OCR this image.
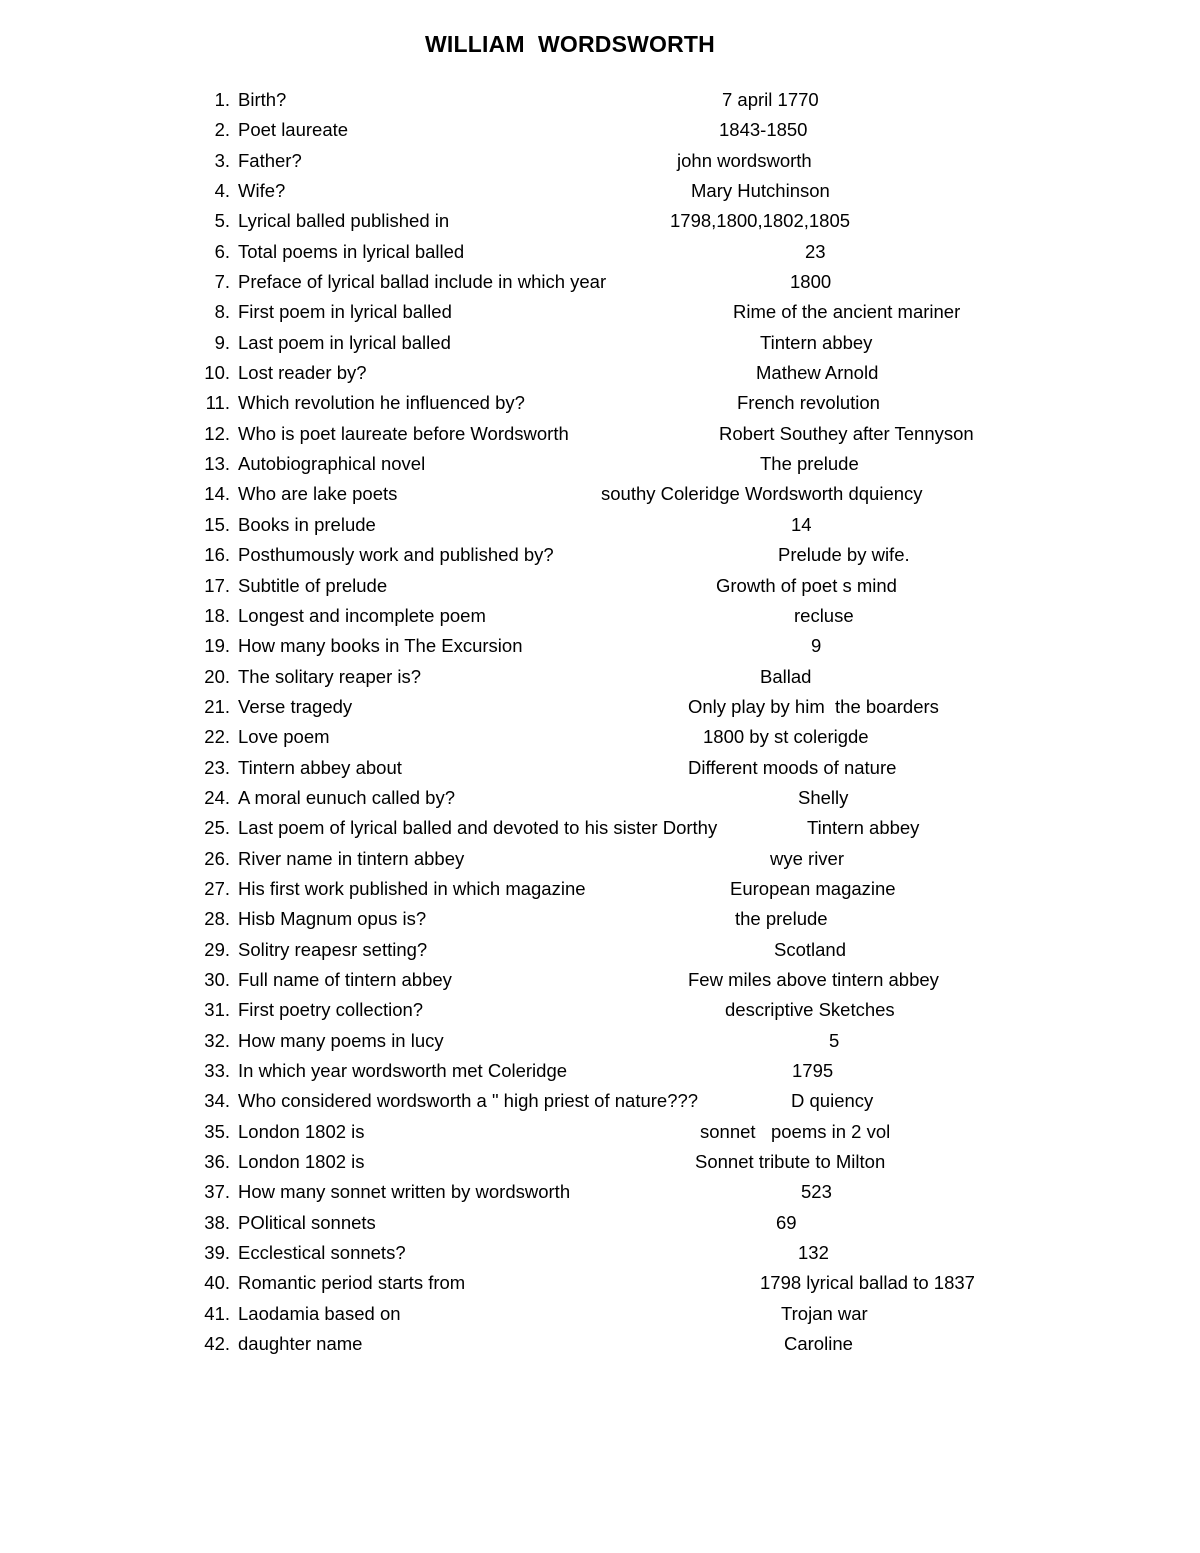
WILLIAM  WORDSWORTH
1. Birth?	7 april 1770
2. Poet laureate	1843-1850
3. Father?	john wordsworth
4. Wife?	Mary Hutchinson
5. Lyrical balled published in	1798,1800,1802,1805
6. Total poems in lyrical balled	23
7. Preface of lyrical ballad include in which year	1800
8. First poem in lyrical balled	Rime of the ancient mariner
9. Last poem in lyrical balled	Tintern abbey
10. Lost reader by?	Mathew Arnold
11. Which revolution he influenced by?	French revolution
12. Who is poet laureate before Wordsworth	Robert Southey after Tennyson
13. Autobiographical novel	The prelude
14. Who are lake poets	southy Coleridge Wordsworth dquiency
15. Books in prelude	14
16. Posthumously work and published by?	Prelude by wife.
17. Subtitle of prelude	Growth of poet s mind
18. Longest and incomplete poem	recluse
19. How many books in The Excursion	9
20. The solitary reaper is?	Ballad
21. Verse tragedy	Only play by him  the boarders
22. Love poem	1800 by st colerigde
23. Tintern abbey about	Different moods of nature
24. A moral eunuch called by?	Shelly
25. Last poem of lyrical balled and devoted to his sister Dorthy	Tintern abbey
26. River name in tintern abbey	wye river
27. His first work published in which magazine	European magazine
28. Hisb Magnum opus is?	the prelude
29. Solitry reapesr setting?	Scotland
30. Full name of tintern abbey	Few miles above tintern abbey
31. First poetry collection?	descriptive Sketches
32. How many poems in lucy	5
33. In which year wordsworth met Coleridge	1795
34. Who considered wordsworth a " high priest of nature???	D quiency
35. London 1802 is	sonnet   poems in 2 vol
36. London 1802 is	Sonnet tribute to Milton
37. How many sonnet written by wordsworth	523
38. POlitical sonnets	69
39. Ecclestical sonnets?	132
40. Romantic period starts from	1798 lyrical ballad to 1837
41. Laodamia based on	Trojan war
42. daughter name	Caroline
